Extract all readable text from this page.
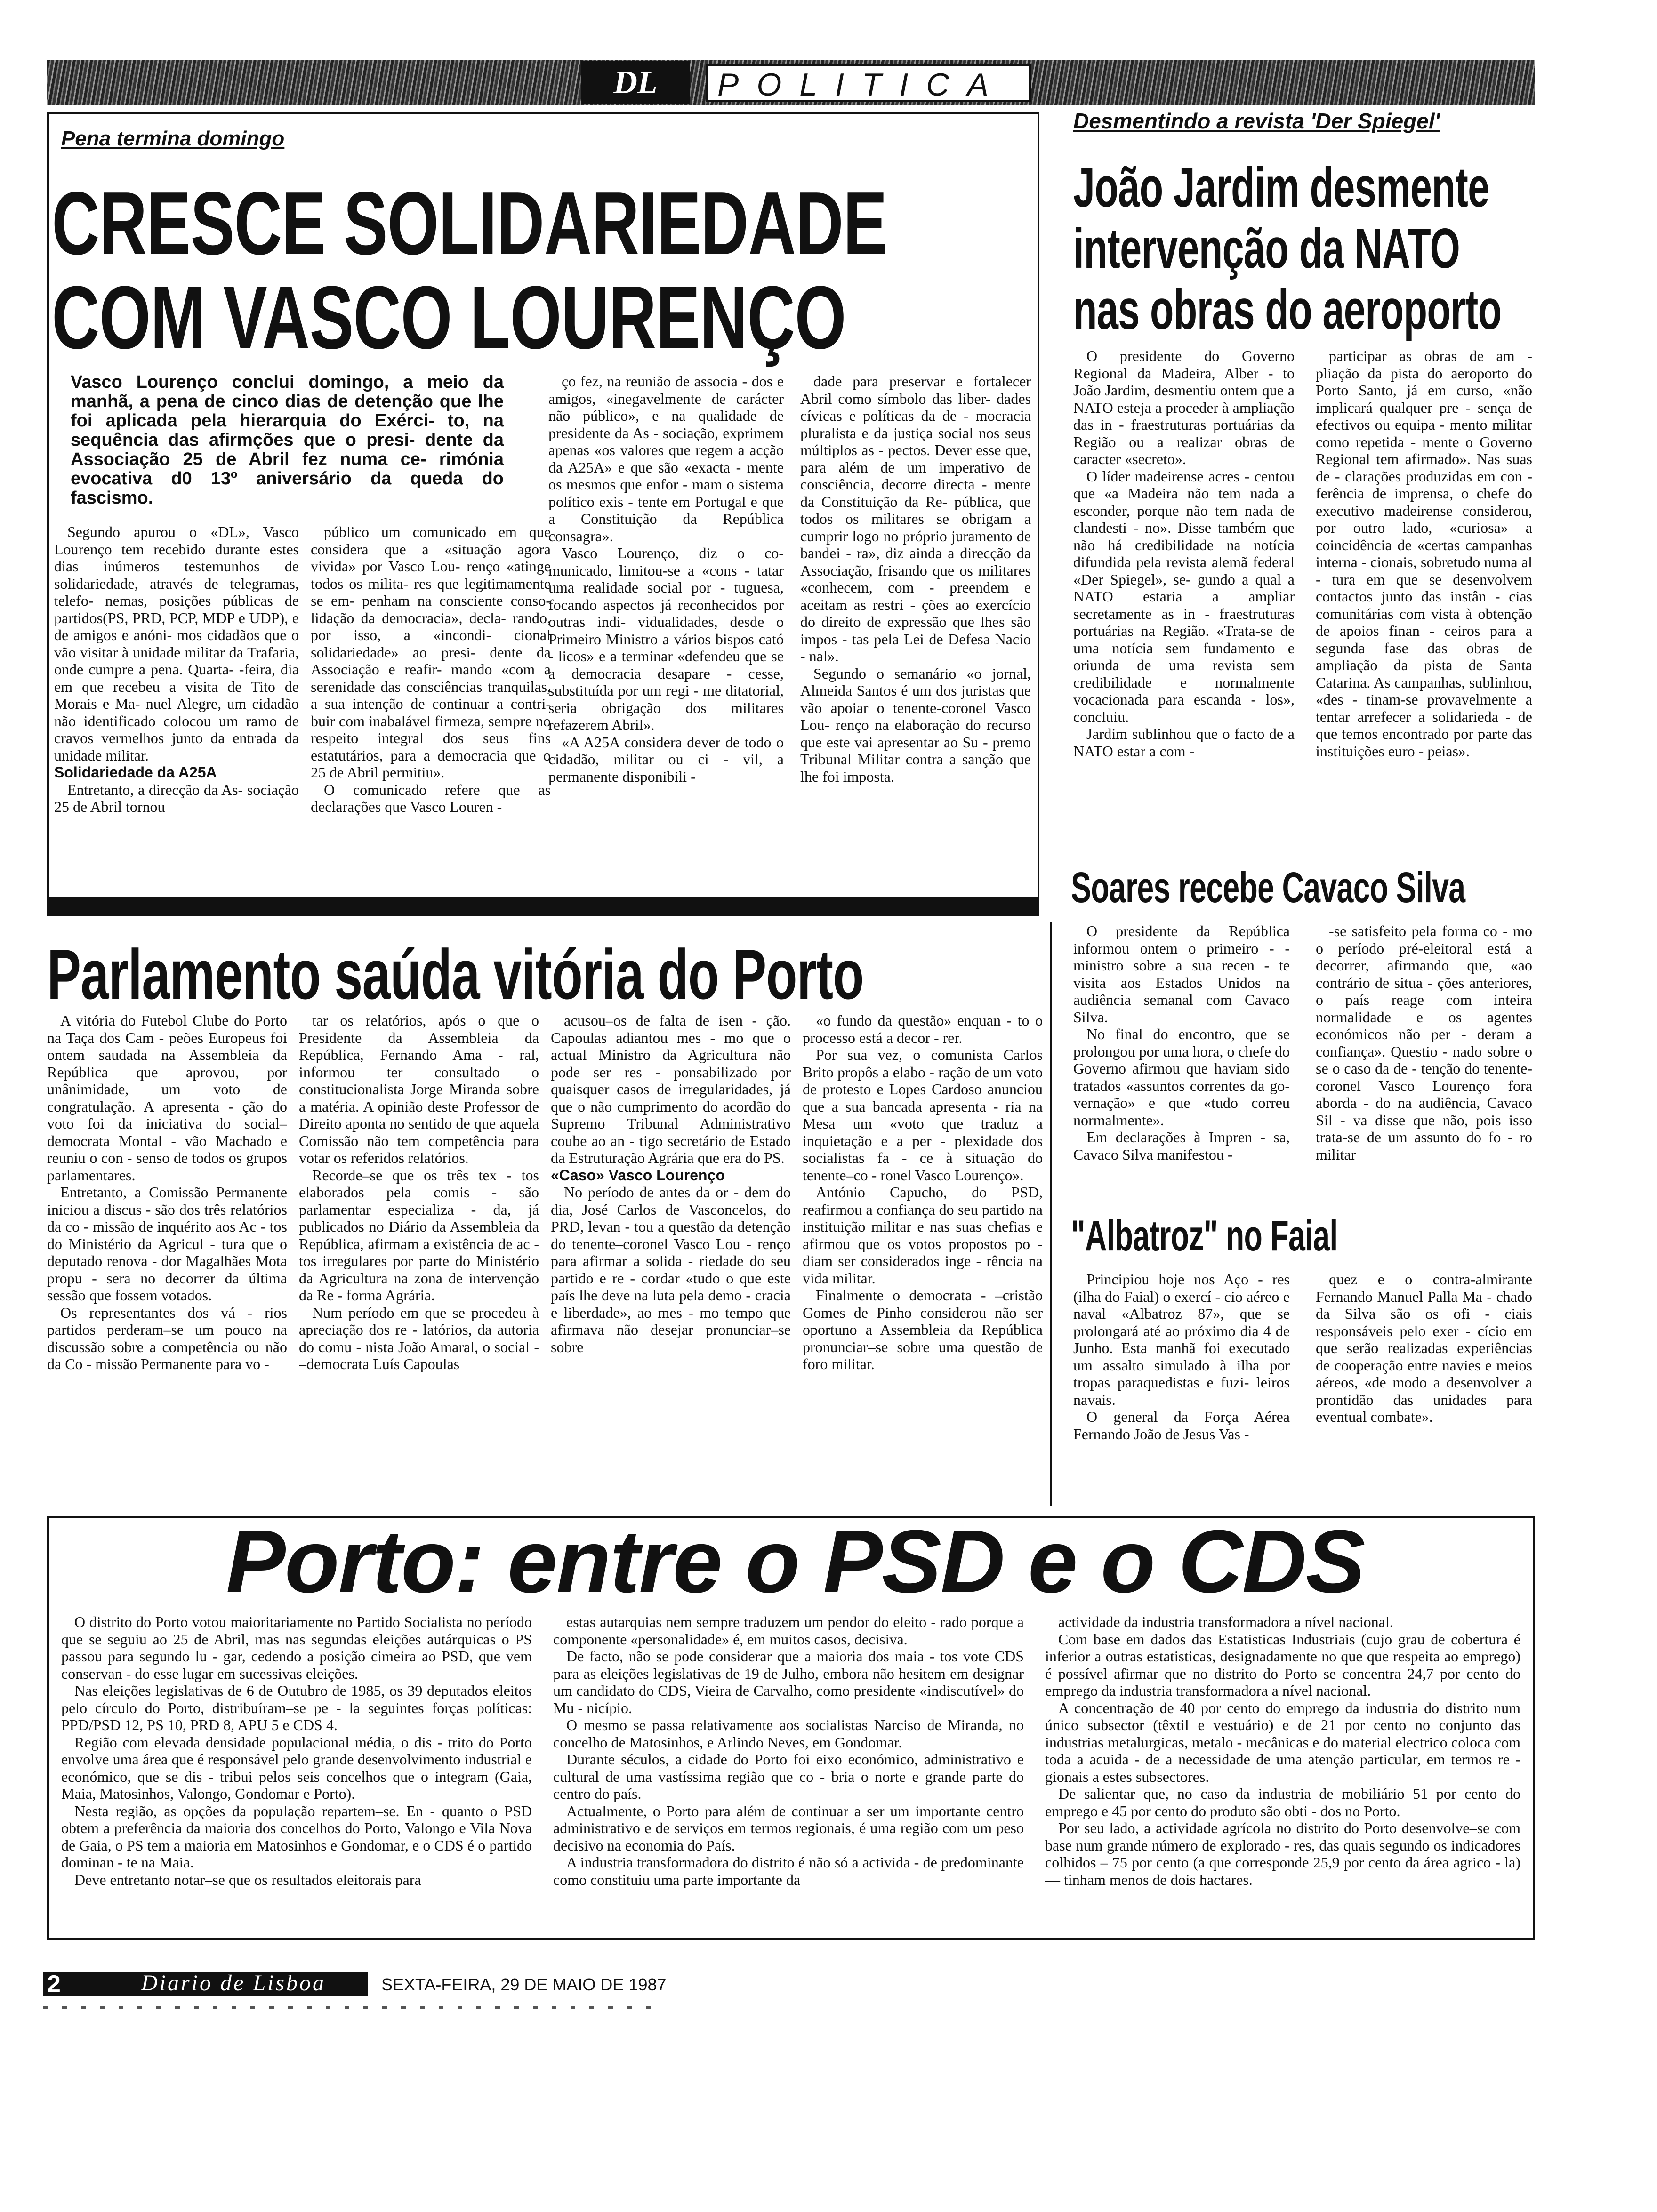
DL	POLITICA
Pena termina domingo
CRESCE SOLIDARIEDADE
COM VASCO LOURENÇO
Vasco Lourenço conclui domingo, a meio da manhã, a pena de cinco dias de detenção que lhe foi aplicada pela hierarquia do Exérci- to, na sequência das afirmções que o presi- dente da Associação 25 de Abril fez numa ce- rimónia evocativa d0 13º aniversário da queda do fascismo.

Segundo apurou o «DL», Vasco Lourenço tem recebido durante estes dias inúmeros testemunhos de solidariedade, através de telegramas, telefo- nemas, posições públicas de partidos(PS, PRD, PCP, MDP e UDP), e de amigos e anóni- mos cidadãos que o vão visitar à unidade militar da Trafaria, onde cumpre a pena. Quarta- -feira, dia em que recebeu a visita de Tito de Morais e Ma- nuel Alegre, um cidadão não identificado colocou um ramo de cravos vermelhos junto da entrada da unidade militar.

Solidariedade da A25A

Entretanto, a direcção da As- sociação 25 de Abril tornou

público um comunicado em que considera que a «situação agora vivida» por Vasco Lou- renço «atinge todos os milita- res que legitimamente se em- penham na consciente conso- lidação da democracia», decla- rando, por isso, a «incondi- cional solidariedade» ao presi- dente da Associação e reafir- mando «com a serenidade das consciências tranquilas, a sua intenção de continuar a contri- buir com inabalável firmeza, sempre no respeito integral dos seus fins estatutários, para a democracia que o 25 de Abril permitiu».

O comunicado refere que as declarações que Vasco Louren -

ço fez, na reunião de associa - dos e amigos, «inegavelmente de carácter não público», e na qualidade de presidente da As - sociação, exprimem apenas «os valores que regem a acção da A25A» e que são «exacta - mente os mesmos que enfor - mam o sistema político exis - tente em Portugal e que a Constituição da República consagra».

Vasco Lourenço, diz o co- municado, limitou-se a «cons - tatar uma realidade social por - tuguesa, focando aspectos já reconhecidos por outras indi- vidualidades, desde o Primeiro Ministro a vários bispos cató - licos» e a terminar «defendeu que se a democracia desapare - cesse, substituída por um regi - me ditatorial, seria obrigação dos militares refazerem Abril».

«A A25A considera dever de todo o cidadão, militar ou ci - vil, a permanente disponibili -

dade para preservar e fortalecer Abril como símbolo das liber- dades cívicas e políticas da de - mocracia pluralista e da justiça social nos seus múltiplos as - pectos. Dever esse que, para além de um imperativo de consciência, decorre directa - mente da Constituição da Re- pública, que todos os militares se obrigam a cumprir logo no próprio juramento de bandei - ra», diz ainda a direcção da Associação, frisando que os militares «conhecem, com - preendem e aceitam as restri - ções ao exercício do direito de expressão que lhes são impos - tas pela Lei de Defesa Nacio - nal».

Segundo o semanário «o jornal, Almeida Santos é um dos juristas que vão apoiar o tenente-coronel Vasco Lou- renço na elaboração do recurso que este vai apresentar ao Su - premo Tribunal Militar contra a sanção que lhe foi imposta.

Desmentindo a revista 'Der Spiegel'
João Jardim desmente
intervenção da NATO
nas obras do aeroporto

O presidente do Governo Regional da Madeira, Alber - to João Jardim, desmentiu ontem que a NATO esteja a proceder à ampliação das in - fraestruturas portuárias da Região ou a realizar obras de caracter «secreto».

O líder madeirense acres - centou que «a Madeira não tem nada a esconder, porque não tem nada de clandesti - no». Disse também que não há credibilidade na notícia difundida pela revista alemã federal «Der Spiegel», se- gundo a qual a NATO estaria a ampliar secretamente as in - fraestruturas portuárias na Região. «Trata-se de uma notícia sem fundamento e oriunda de uma revista sem credibilidade e normalmente vocacionada para escanda - los», concluiu.

Jardim sublinhou que o facto de a NATO estar a com -

participar as obras de am - pliação da pista do aeroporto do Porto Santo, já em curso, «não implicará qualquer pre - sença de efectivos ou equipa - mento militar como repetida - mente o Governo Regional tem afirmado». Nas suas de - clarações produzidas em con - ferência de imprensa, o chefe do executivo madeirense considerou, por outro lado, «curiosa» a coincidência de «certas campanhas interna - cionais, sobretudo numa al - tura em que se desenvolvem contactos junto das instân - cias comunitárias com vista à obtenção de apoios finan - ceiros para a segunda fase das obras de ampliação da pista de Santa Catarina. As campanhas, sublinhou, «des - tinam-se provavelmente a tentar arrefecer a solidarieda - de que temos encontrado por parte das instituições euro - peias».

Soares recebe Cavaco Silva

O presidente da República informou ontem o primeiro - -ministro sobre a sua recen - te visita aos Estados Unidos na audiência semanal com Cavaco Silva.

No final do encontro, que se prolongou por uma hora, o chefe do Governo afirmou que haviam sido tratados «assuntos correntes da go- vernação» e que «tudo correu normalmente».

Em declarações à Impren - sa, Cavaco Silva manifestou -

-se satisfeito pela forma co - mo o período pré-eleitoral está a decorrer, afirmando que, «ao contrário de situa - ções anteriores, o país reage com inteira normalidade e os agentes económicos não per - deram a confiança». Questio - nado sobre o se o caso da de - tenção do tenente-coronel Vasco Lourenço fora aborda - do na audiência, Cavaco Sil - va disse que não, pois isso trata-se de um assunto do fo - ro militar

"Albatroz" no Faial

Principiou hoje nos Aço - res (ilha do Faial) o exercí - cio aéreo e naval «Albatroz 87», que se prolongará até ao próximo dia 4 de Junho. Esta manhã foi executado um assalto simulado à ilha por tropas paraquedistas e fuzi- leiros navais.

O general da Força Aérea Fernando João de Jesus Vas -

quez e o contra-almirante Fernando Manuel Palla Ma - chado da Silva são os ofi - ciais responsáveis pelo exer - cício em que serão realizadas experiências de cooperação entre navies e meios aéreos, «de modo a desenvolver a prontidão das unidades para eventual combate».

Parlamento saúda vitória do Porto

A vitória do Futebol Clube do Porto na Taça dos Cam - peões Europeus foi ontem saudada na Assembleia da República que aprovou, por unânimidade, um voto de congratulação. A apresenta - ção do voto foi da iniciativa do social–democrata Montal - vão Machado e reuniu o con - senso de todos os grupos parlamentares.

Entretanto, a Comissão Permanente iniciou a discus - são dos três relatórios da co - missão de inquérito aos Ac - tos do Ministério da Agricul - tura que o deputado renova - dor Magalhães Mota propu - sera no decorrer da última sessão que fossem votados.

Os representantes dos vá - rios partidos perderam–se um pouco na discussão sobre a competência ou não da Co - missão Permanente para vo -

tar os relatórios, após o que o Presidente da Assembleia da República, Fernando Ama - ral, informou ter consultado o constitucionalista Jorge Miranda sobre a matéria. A opinião deste Professor de Direito aponta no sentido de que aquela Comissão não tem competência para votar os referidos relatórios.

Recorde–se que os três tex - tos elaborados pela comis - são parlamentar especializa - da, já publicados no Diário da Assembleia da República, afirmam a existência de ac - tos irregulares por parte do Ministério da Agricultura na zona de intervenção da Re - forma Agrária.

Num período em que se procedeu à apreciação dos re - latórios, da autoria do comu - nista João Amaral, o social - –democrata Luís Capoulas

acusou–os de falta de isen - ção. Capoulas adiantou mes - mo que o actual Ministro da Agricultura não pode ser res - ponsabilizado por quaisquer casos de irregularidades, já que o não cumprimento do acordão do Supremo Tribunal Administrativo coube ao an - tigo secretário de Estado da Estruturação Agrária que era do PS.

«Caso» Vasco Lourenço

No período de antes da or - dem do dia, José Carlos de Vasconcelos, do PRD, levan - tou a questão da detenção do tenente–coronel Vasco Lou - renço para afirmar a solida - riedade do seu partido e re - cordar «tudo o que este país lhe deve na luta pela demo - cracia e liberdade», ao mes - mo tempo que afirmava não desejar pronunciar–se sobre

«o fundo da questão» enquan - to o processo está a decor - rer.

Por sua vez, o comunista Carlos Brito propôs a elabo - ração de um voto de protesto e Lopes Cardoso anunciou que a sua bancada apresenta - ria na Mesa um «voto que traduz a inquietação e a per - plexidade dos socialistas fa - ce à situação do tenente–co - ronel Vasco Lourenço».

António Capucho, do PSD, reafirmou a confiança do seu partido na instituição militar e nas suas chefias e afirmou que os votos propostos po - diam ser considerados inge - rência na vida militar.

Finalmente o democrata - –cristão Gomes de Pinho considerou não ser oportuno a Assembleia da República pronunciar–se sobre uma questão de foro militar.

Porto: entre o PSD e o CDS

O distrito do Porto votou maioritariamente no Partido Socialista no período que se seguiu ao 25 de Abril, mas nas segundas eleições autárquicas o PS passou para segundo lu - gar, cedendo a posição cimeira ao PSD, que vem conservan - do esse lugar em sucessivas eleições.

Nas eleições legislativas de 6 de Outubro de 1985, os 39 deputados eleitos pelo círculo do Porto, distribuíram–se pe - la seguintes forças políticas: PPD/PSD 12, PS 10, PRD 8, APU 5 e CDS 4.

Região com elevada densidade populacional média, o dis - trito do Porto envolve uma área que é responsável pelo grande desenvolvimento industrial e económico, que se dis - tribui pelos seis concelhos que o integram (Gaia, Maia, Matosinhos, Valongo, Gondomar e Porto).

Nesta região, as opções da população repartem–se. En - quanto o PSD obtem a preferência da maioria dos concelhos do Porto, Valongo e Vila Nova de Gaia, o PS tem a maioria em Matosinhos e Gondomar, e o CDS é o partido dominan - te na Maia.

Deve entretanto notar–se que os resultados eleitorais para

estas autarquias nem sempre traduzem um pendor do eleito - rado porque a componente «personalidade» é, em muitos casos, decisiva.

De facto, não se pode considerar que a maioria dos maia - tos vote CDS para as eleições legislativas de 19 de Julho, embora não hesitem em designar um candidato do CDS, Vieira de Carvalho, como presidente «indiscutível» do Mu - nicípio.

O mesmo se passa relativamente aos socialistas Narciso de Miranda, no concelho de Matosinhos, e Arlindo Neves, em Gondomar.

Durante séculos, a cidade do Porto foi eixo económico, administrativo e cultural de uma vastíssima região que co - bria o norte e grande parte do centro do país.

Actualmente, o Porto para além de continuar a ser um importante centro administrativo e de serviços em termos regionais, é uma região com um peso decisivo na economia do País.

A industria transformadora do distrito é não só a activida - de predominante como constituiu uma parte importante da

actividade da industria transformadora a nível nacional.

Com base em dados das Estatisticas Industriais (cujo grau de cobertura é inferior a outras estatisticas, designadamente no que que respeita ao emprego) é possível afirmar que no distrito do Porto se concentra 24,7 por cento do emprego da industria transformadora a nível nacional.

A concentração de 40 por cento do emprego da industria do distrito num único subsector (têxtil e vestuário) e de 21 por cento no conjunto das industrias metalurgicas, metalo - mecânicas e do material electrico coloca com toda a acuida - de a necessidade de uma atenção particular, em termos re - gionais a estes subsectores.

De salientar que, no caso da industria de mobiliário 51 por cento do emprego e 45 por cento do produto são obti - dos no Porto.

Por seu lado, a actividade agrícola no distrito do Porto desenvolve–se com base num grande número de explorado - res, das quais segundo os indicadores colhidos – 75 por cento (a que corresponde 25,9 por cento da área agrico - la) — tinham menos de dois hactares.

2	Diario de Lisboa	SEXTA-FEIRA, 29 DE MAIO DE 1987
